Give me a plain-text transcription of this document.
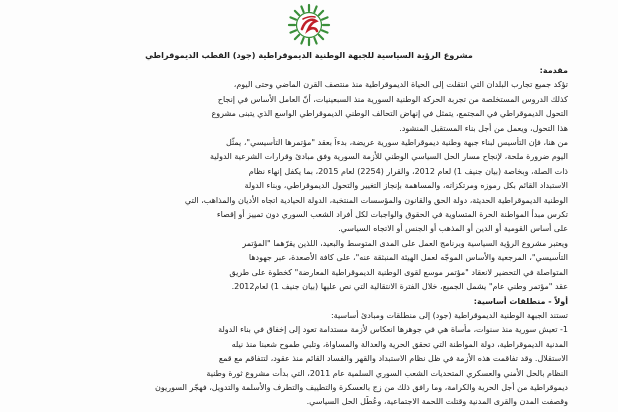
مشروع الرؤية السياسية للجبهة الوطنية الديموقراطية (جود) القطب الديموقراطي

مقدمة:

تؤكد جميع تجارب البلدان التي انتقلت إلى الحياة الديموقراطية منذ منتصف القرن الماضي وحتى اليوم،

كذلك الدروس المستخلصة من تجربة الحركة الوطنية السورية منذ السبعينيات، أنّ العامل الأساس في إنجاح

التحول الديموقراطي في المجتمع، يتمثل في إنهاض التحالف الوطني الديموقراطي الواسع الذي يتبنى مشروع

هذا التحول، ويعمل من أجل بناء المستقبل المنشود.

من هنا، فإن التأسيس لبناء جبهة وطنية ديموقراطية سورية عريضة، بدءاً بعقد "مؤتمرها التأسيسي"، يمثّل

اليوم ضرورة ملحة، لإنجاح مسار الحل السياسي الوطني للأزمة السورية وفق مبادئ وقرارات الشرعية الدولية

ذات الصلة، وبخاصة (بيان جنيف 1) لعام 2012، والقرار (2254) لعام 2015، بما يكفل إنهاء نظام

الاستبداد القائم بكل رموزه ومرتكزاته، والمساهمة بإنجاز التغيير والتحول الديموقراطي، وبناء الدولة

الوطنية الديموقراطية الحديثة، دولة الحق والقانون والمؤسسات المنتخبة، الدولة الحيادية اتجاه الأديان والمذاهب، التي

تكرس مبدأ المواطنة الحرة المتساوية في الحقوق والواجبات لكل أفراد الشعب السوري دون تمييز أو إقصاء

على أساس القومية أو الدين أو المذهب أو الجنس أو الاتجاه السياسي.

ويعتبر مشروع الرؤية السياسية وبرنامج العمل على المدى المتوسط والبعيد، اللذين يقرّهما "المؤتمر

التأسيسي"، المرجعية والأساس الموجّه لعمل الهيئة المنبثقة عنه"، على كافة الأصعدة، عبر جهودها

المتواصلة في التحضير لانعقاد "مؤتمر موسع لقوى الوطنية الديموقراطية المعارضة" كخطوة على طريق

عقد "مؤتمر وطني عام" يشمل الجميع، خلال الفترة الانتقالية التي نص عليها (بيان جنيف 1) لعام2012.

أولاً - منطلقات أساسية:

تستند الجبهة الوطنية الديموقراطية (جود) إلى منطلقات ومبادئ أساسية:

1- تعيش سورية منذ سنوات، مأساة هي في جوهرها انعكاس لأزمة مستدامة تعود إلى إخفاق في بناء الدولة

المدنية الديموقراطية، دولة المواطنة التي تحقق الحرية والعدالة والمساواة، وتلبي طموح شعبنا منذ نيله

الاستقلال. وقد تفاقمت هذه الأزمة في ظل نظام الاستبداد والقهر والفساد القائم منذ عقود، لتتفاقم مع قمع

النظام بالحل الأمني والعسكري المتحديات الشعب السوري السلمية عام 2011، التي بدأت مشروع ثورة وطنية

ديموقراطية من أجل الحرية والكرامة، وما رافق ذلك من زج بالعسكرة والتطييف والتطرف والأسلمة والتدويل، فهجّر السوريون

وقصفت المدن والقرى المدنية وقتلت اللحمة الاجتماعية، وعُطّل الحل السياسي.
